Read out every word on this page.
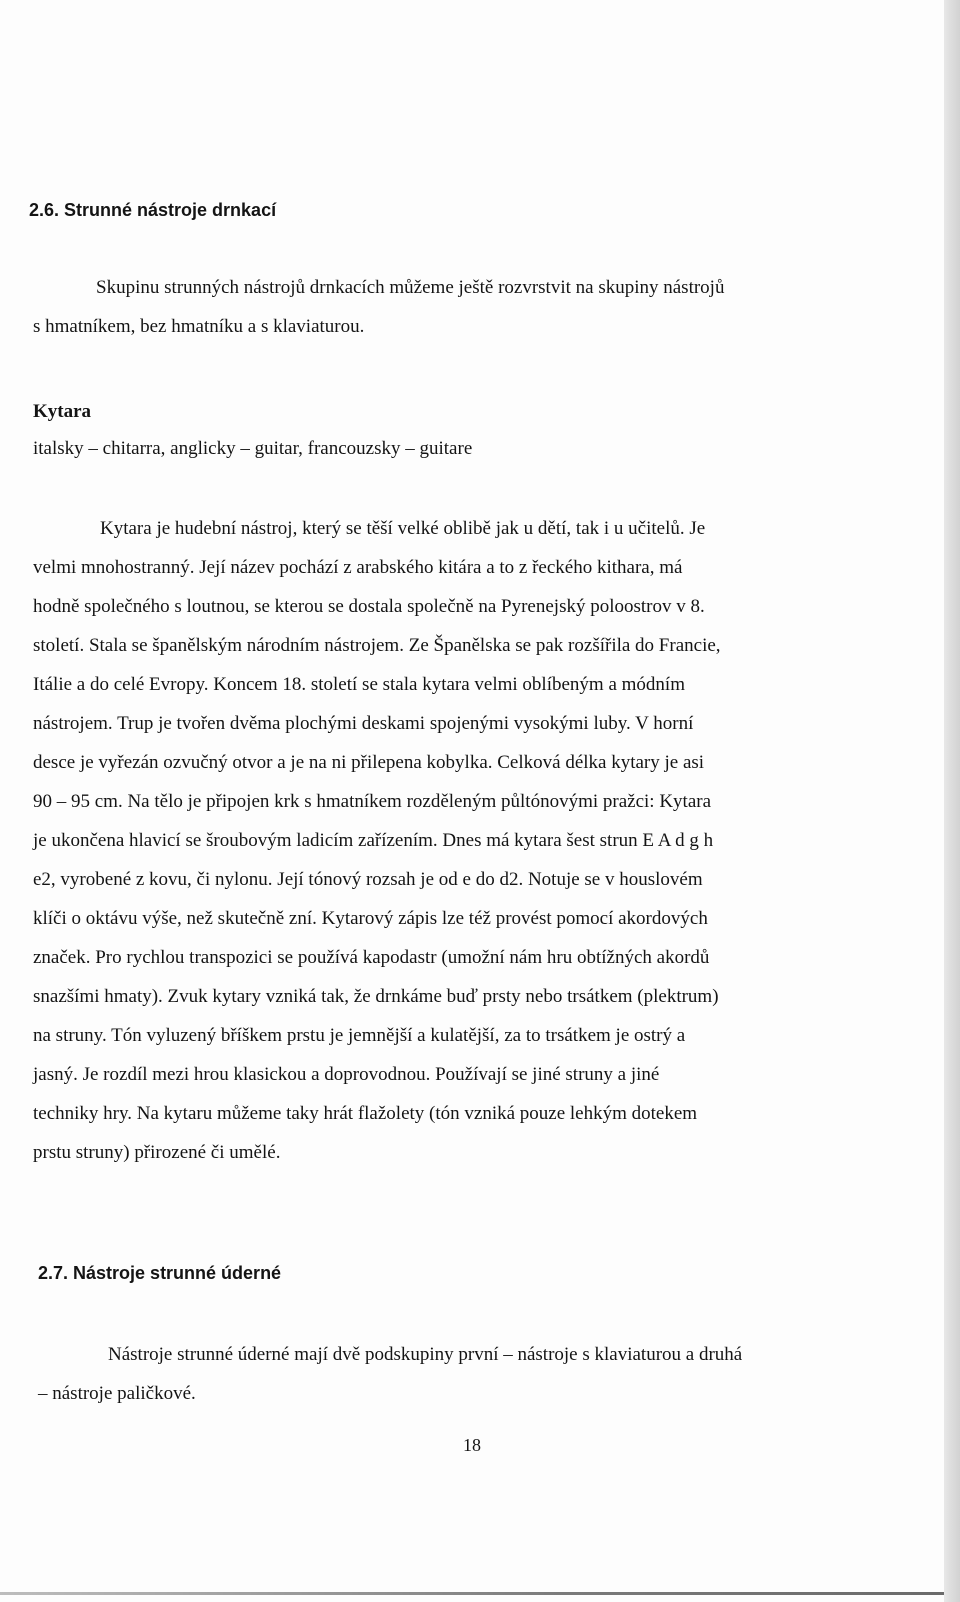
2.6. Strunné nástroje drnkací
Skupinu strunných nástrojů drnkacích můžeme ještě rozvrstvit na skupiny nástrojů
s hmatníkem, bez hmatníku a s klaviaturou.
Kytara
italsky – chitarra, anglicky – guitar, francouzsky – guitare
Kytara je hudební nástroj, který se těší velké oblibě jak u dětí, tak i u učitelů. Je
velmi mnohostranný. Její název pochází z arabského kitára a to z řeckého kithara, má
hodně společného s loutnou, se kterou se dostala společně na Pyrenejský poloostrov v 8.
století. Stala se španělským národním nástrojem. Ze Španělska se pak rozšířila do Francie,
Itálie a do celé Evropy. Koncem 18. století se stala kytara velmi oblíbeným a módním
nástrojem. Trup je tvořen dvěma plochými deskami spojenými vysokými luby. V horní
desce je vyřezán ozvučný otvor a je na ni přilepena kobylka. Celková délka kytary je asi
90 – 95 cm. Na tělo je připojen krk s hmatníkem rozděleným půltónovými pražci: Kytara
je ukončena hlavicí se šroubovým ladicím zařízením. Dnes má kytara šest strun E A d g h
e2, vyrobené z kovu, či nylonu. Její tónový rozsah je od e do d2. Notuje se v houslovém
klíči o oktávu výše, než skutečně zní. Kytarový zápis lze též provést pomocí akordových
značek. Pro rychlou transpozici se používá kapodastr (umožní nám hru obtížných akordů
snazšími hmaty). Zvuk kytary vzniká tak, že drnkáme buď prsty nebo trsátkem (plektrum)
na struny. Tón vyluzený bříškem prstu je jemnější a kulatější, za to trsátkem je ostrý a
jasný. Je rozdíl mezi hrou klasickou a doprovodnou. Používají se jiné struny a jiné
techniky hry. Na kytaru můžeme taky hrát flažolety (tón vzniká pouze lehkým dotekem
prstu struny) přirozené či umělé.
2.7. Nástroje strunné úderné
Nástroje strunné úderné mají dvě podskupiny první – nástroje s klaviaturou a druhá
– nástroje paličkové.
18
